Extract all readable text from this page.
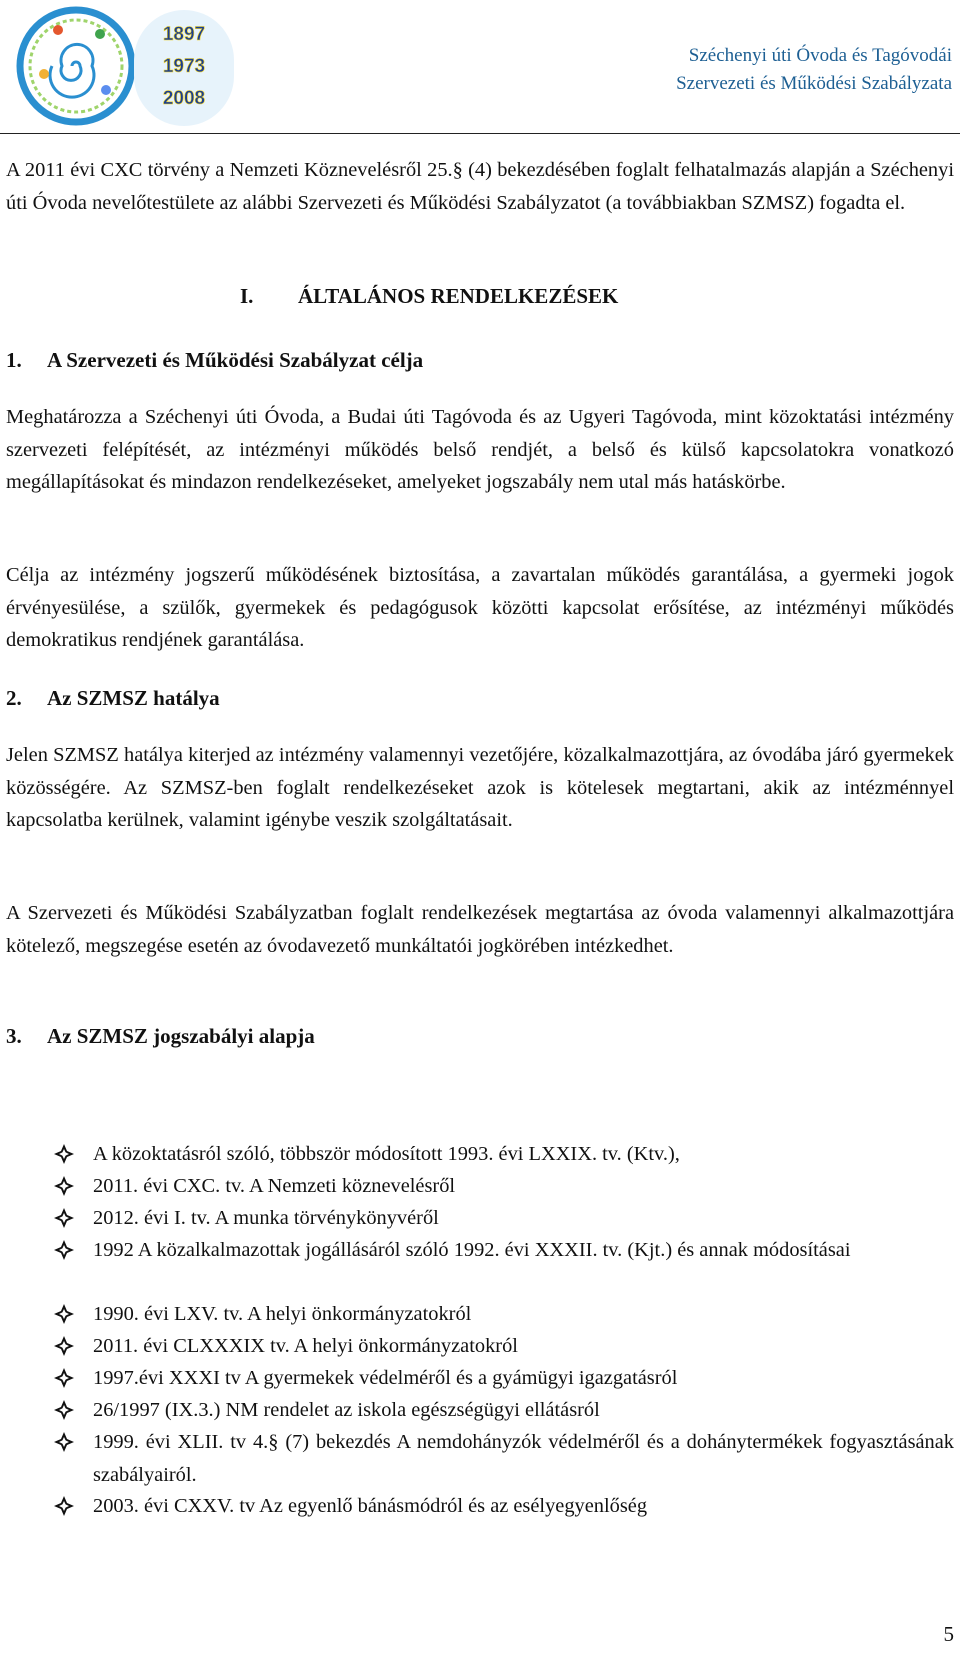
1897
1973
2008
Széchenyi úti Óvoda és Tagóvodái
Szervezeti és Működési Szabályzata
A 2011 évi CXC törvény a Nemzeti Köznevelésről 25.§ (4) bekezdésében foglalt felhatalmazás alapján a Széchenyi úti Óvoda nevelőtestülete az alábbi Szervezeti és Működési Szabályzatot (a továbbiakban SZMSZ) fogadta el.
I. ÁLTALÁNOS RENDELKEZÉSEK
1. A Szervezeti és Működési Szabályzat célja
Meghatározza a Széchenyi úti Óvoda, a Budai úti Tagóvoda és az Ugyeri Tagóvoda, mint közoktatási intézmény szervezeti felépítését, az intézményi működés belső rendjét, a belső és külső kapcsolatokra vonatkozó megállapításokat és mindazon rendelkezéseket, amelyeket jogszabály nem utal más hatáskörbe.
Célja az intézmény jogszerű működésének biztosítása, a zavartalan működés garantálása, a gyermeki jogok érvényesülése, a szülők, gyermekek és pedagógusok közötti kapcsolat erősítése, az intézményi működés demokratikus rendjének garantálása.
2. Az SZMSZ hatálya
Jelen SZMSZ hatálya kiterjed az intézmény valamennyi vezetőjére, közalkalmazottjára, az óvodába járó gyermekek közösségére. Az SZMSZ-ben foglalt rendelkezéseket azok is kötelesek megtartani, akik az intézménnyel kapcsolatba kerülnek, valamint igénybe veszik szolgáltatásait.
A Szervezeti és Működési Szabályzatban foglalt rendelkezések megtartása az óvoda valamennyi alkalmazottjára kötelező, megszegése esetén az óvodavezető munkáltatói jogkörében intézkedhet.
3. Az SZMSZ jogszabályi alapja
A közoktatásról szóló, többször módosított 1993. évi LXXIX. tv. (Ktv.),
2011. évi CXC. tv. A Nemzeti köznevelésről
2012. évi I. tv. A munka törvénykönyvéről
1992 A közalkalmazottak jogállásáról szóló 1992. évi XXXII. tv. (Kjt.) és annak módosításai
1990. évi LXV. tv. A helyi önkormányzatokról
2011. évi CLXXXIX tv. A helyi önkormányzatokról
1997.évi XXXI tv A gyermekek védelméről és a gyámügyi igazgatásról
26/1997 (IX.3.) NM rendelet az iskola egészségügyi ellátásról
1999. évi XLII. tv 4.§ (7) bekezdés A nemdohányzók védelméről és a dohánytermékek fogyasztásának szabályairól.
2003. évi CXXV. tv Az egyenlő bánásmódról és az esélyegyenlőség
5
